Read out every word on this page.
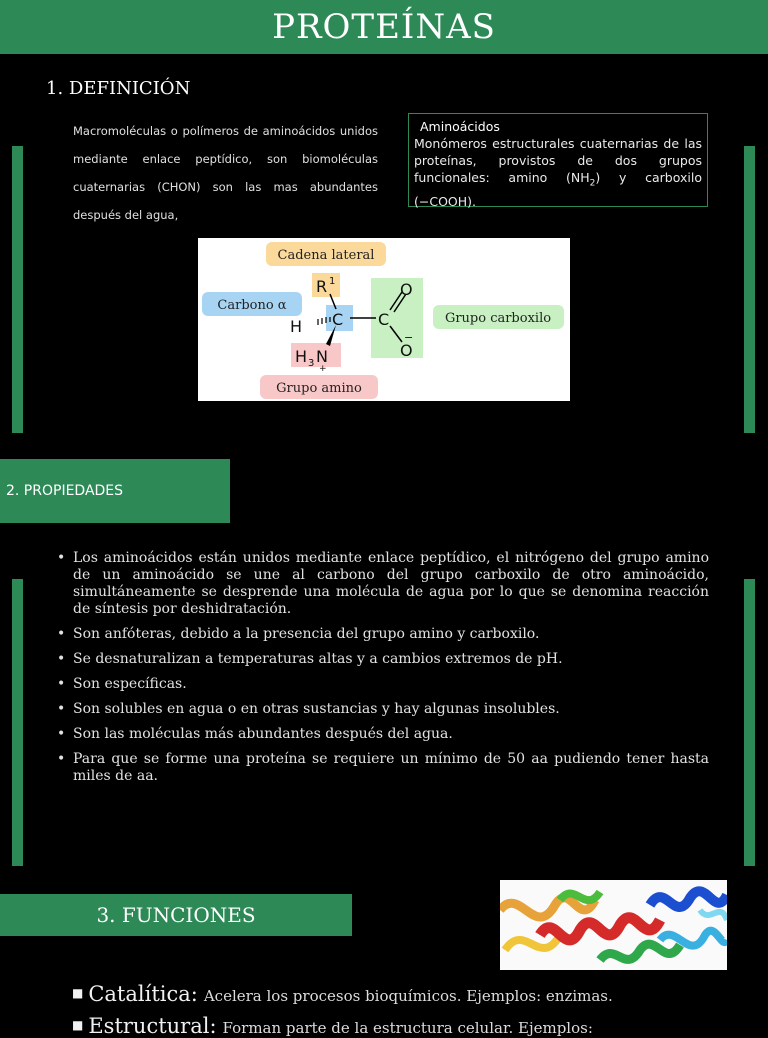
PROTEÍNAS
1. DEFINICIÓN
Macromoléculas o polímeros de aminoácidos unidos mediante enlace peptídico, son biomoléculas cuaternarias (CHON) son las mas abundantes después del agua,
Aminoácidos
Monómeros estructurales cuaternarias de las proteínas, provistos de dos grupos funcionales: amino $(NH_2)$ y carboxilo (−COOH).
Cadena lateral
Carbono α
Grupo carboxilo
Grupo amino
R 1
H C C
O
O
−
H 3 N
+
2. PROPIEDADES
• Los aminoácidos están unidos mediante enlace peptídico, el nitrógeno del grupo amino de un aminoácido se une al carbono del grupo carboxilo de otro aminoácido, simultáneamente se desprende una molécula de agua por lo que se denomina reacción de síntesis por deshidratación.
• Son anfóteras, debido a la presencia del grupo amino y carboxilo.
• Se desnaturalizan a temperaturas altas y a cambios extremos de pH.
• Son específicas.
• Son solubles en agua o en otras sustancias y hay algunas insolubles.
• Son las moléculas más abundantes después del agua.
• Para que se forme una proteína se requiere un mínimo de 50 aa pudiendo tener hasta miles de aa.
3. FUNCIONES
■ Catalítica: Acelera los procesos bioquímicos. Ejemplos: enzimas.
■ Estructural: Forman parte de la estructura celular. Ejemplos:
